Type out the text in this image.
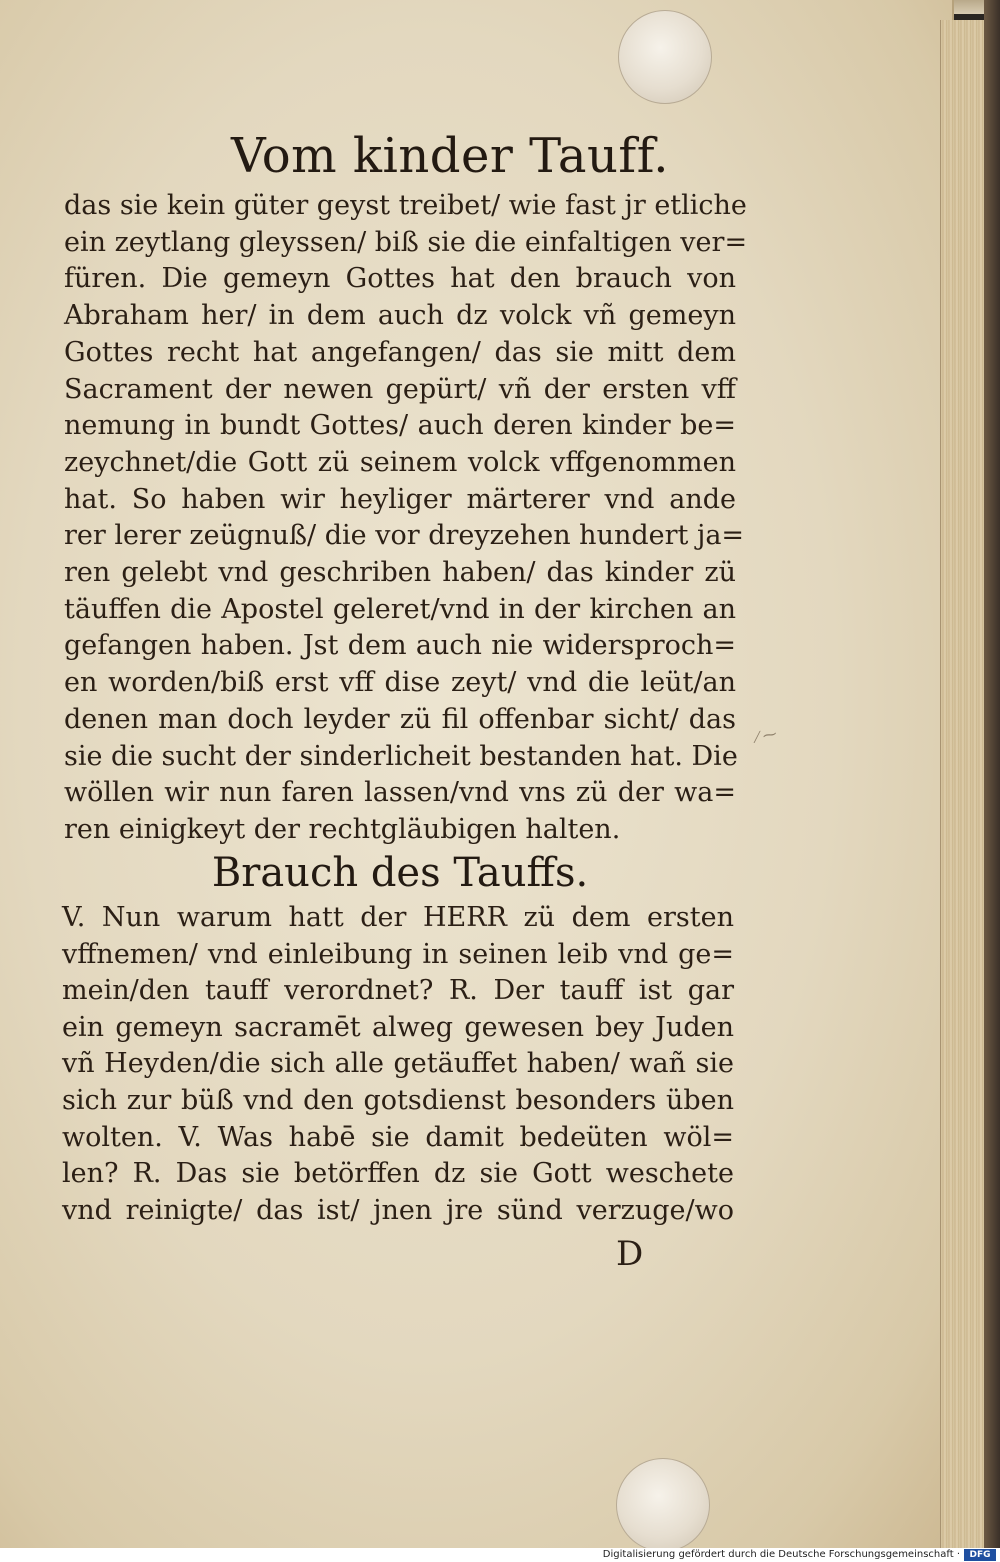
Vom kinder Tauff.
das sie kein güter geyst treibet/ wie fast jr etliche
ein zeytlang gleyssen/ biß sie die einfaltigen ver=
füren. Die gemeyn Gottes hat den brauch von
Abraham her/ in dem auch dz volck vñ gemeyn
Gottes recht hat angefangen/ das sie mitt dem
Sacrament der newen gepürt/ vñ der ersten vff
nemung in bundt Gottes/ auch deren kinder be=
zeychnet/die Gott zü seinem volck vffgenommen
hat. So haben wir heyliger märterer vnd ande
rer lerer zeügnuß/ die vor dreyzehen hundert ja=
ren gelebt vnd geschriben haben/ das kinder zü
täuffen die Apostel geleret/vnd in der kirchen an
gefangen haben. Jst dem auch nie widersproch=
en worden/biß erst vff dise zeyt/ vnd die leüt/an
denen man doch leyder zü fil offenbar sicht/ das
sie die sucht der sinderlicheit bestanden hat. Die
wöllen wir nun faren lassen/vnd vns zü der wa=
ren einigkeyt der rechtgläubigen halten.
⁄ ⁓
Brauch des Tauffs.
V. Nun warum hatt der HERR zü dem ersten
vffnemen/ vnd einleibung in seinen leib vnd ge=
mein/den tauff verordnet? R. Der tauff ist gar
ein gemeyn sacramēt alweg gewesen bey Juden
vñ Heyden/die sich alle getäuffet haben/ wañ sie
sich zur büß vnd den gotsdienst besonders üben
wolten. V. Was habē sie damit bedeüten wöl=
len? R. Das sie betörffen dz sie Gott weschete
vnd reinigte/ das ist/ jnen jre sünd verzuge/wo
D
Digitalisierung gefördert durch die Deutsche Forschungsgemeinschaft ·	DFG
